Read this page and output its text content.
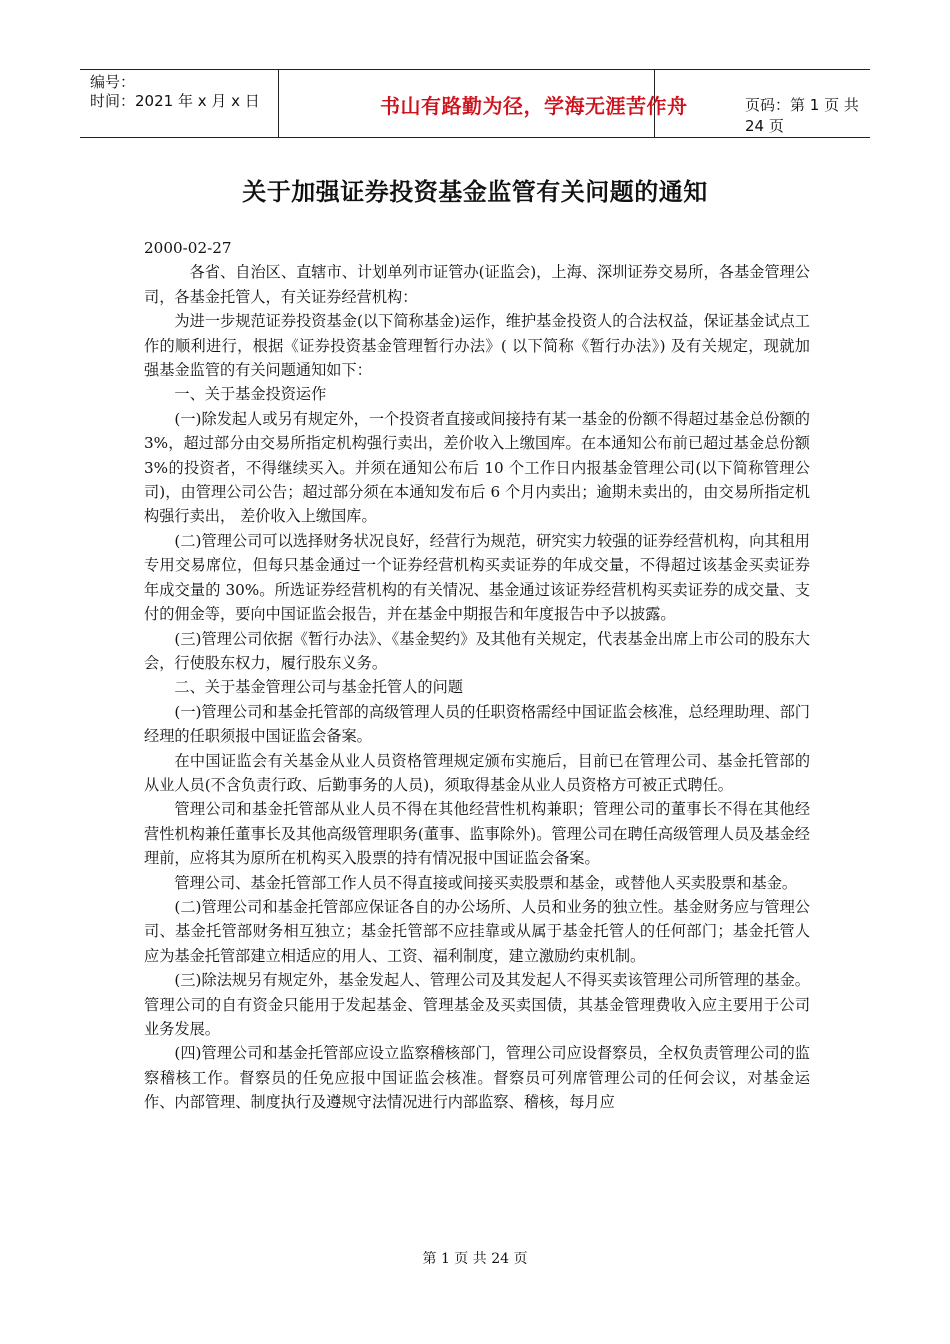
编号：
时间：2021 年 x 月 x 日	书山有路勤为径，学海无涯苦作舟	页码：第 1 页 共 24 页
关于加强证券投资基金监管有关问题的通知

2000-02-27

各省、自治区、直辖市、计划单列市证管办(证监会)，上海、深圳证券交易所，各基金管理公司，各基金托管人，有关证券经营机构：

为进一步规范证券投资基金(以下简称基金)运作，维护基金投资人的合法权益，保证基金试点工作的顺利进行，根据《证券投资基金管理暂行办法》( 以下简称《暂行办法》) 及有关规定，现就加强基金监管的有关问题通知如下：

一、关于基金投资运作

(一)除发起人或另有规定外，一个投资者直接或间接持有某一基金的份额不得超过基金总份额的 3%，超过部分由交易所指定机构强行卖出，差价收入上缴国库。在本通知公布前已超过基金总份额 3%的投资者，不得继续买入。并须在通知公布后 10 个工作日内报基金管理公司(以下简称管理公司)，由管理公司公告；超过部分须在本通知发布后 6 个月内卖出；逾期未卖出的，由交易所指定机构强行卖出， 差价收入上缴国库。

(二)管理公司可以选择财务状况良好，经营行为规范，研究实力较强的证券经营机构，向其租用专用交易席位，但每只基金通过一个证券经营机构买卖证券的年成交量，不得超过该基金买卖证券年成交量的 30%。所选证券经营机构的有关情况、基金通过该证券经营机构买卖证券的成交量、支付的佣金等，要向中国证监会报告，并在基金中期报告和年度报告中予以披露。

(三)管理公司依据《暂行办法》、《基金契约》及其他有关规定，代表基金出席上市公司的股东大会，行使股东权力，履行股东义务。

二、关于基金管理公司与基金托管人的问题

(一)管理公司和基金托管部的高级管理人员的任职资格需经中国证监会核准，总经理助理、部门经理的任职须报中国证监会备案。

在中国证监会有关基金从业人员资格管理规定颁布实施后，目前已在管理公司、基金托管部的从业人员(不含负责行政、后勤事务的人员)，须取得基金从业人员资格方可被正式聘任。

管理公司和基金托管部从业人员不得在其他经营性机构兼职；管理公司的董事长不得在其他经营性机构兼任董事长及其他高级管理职务(董事、监事除外)。管理公司在聘任高级管理人员及基金经理前，应将其为原所在机构买入股票的持有情况报中国证监会备案。

管理公司、基金托管部工作人员不得直接或间接买卖股票和基金，或替他人买卖股票和基金。

(二)管理公司和基金托管部应保证各自的办公场所、人员和业务的独立性。基金财务应与管理公司、基金托管部财务相互独立；基金托管部不应挂靠或从属于基金托管人的任何部门；基金托管人应为基金托管部建立相适应的用人、工资、福利制度，建立激励约束机制。

(三)除法规另有规定外，基金发起人、管理公司及其发起人不得买卖该管理公司所管理的基金。管理公司的自有资金只能用于发起基金、管理基金及买卖国债，其基金管理费收入应主要用于公司业务发展。

(四)管理公司和基金托管部应设立监察稽核部门，管理公司应设督察员，全权负责管理公司的监察稽核工作。督察员的任免应报中国证监会核准。督察员可列席管理公司的任何会议，对基金运作、内部管理、制度执行及遵规守法情况进行内部监察、稽核，每月应

第 1 页 共 24 页
